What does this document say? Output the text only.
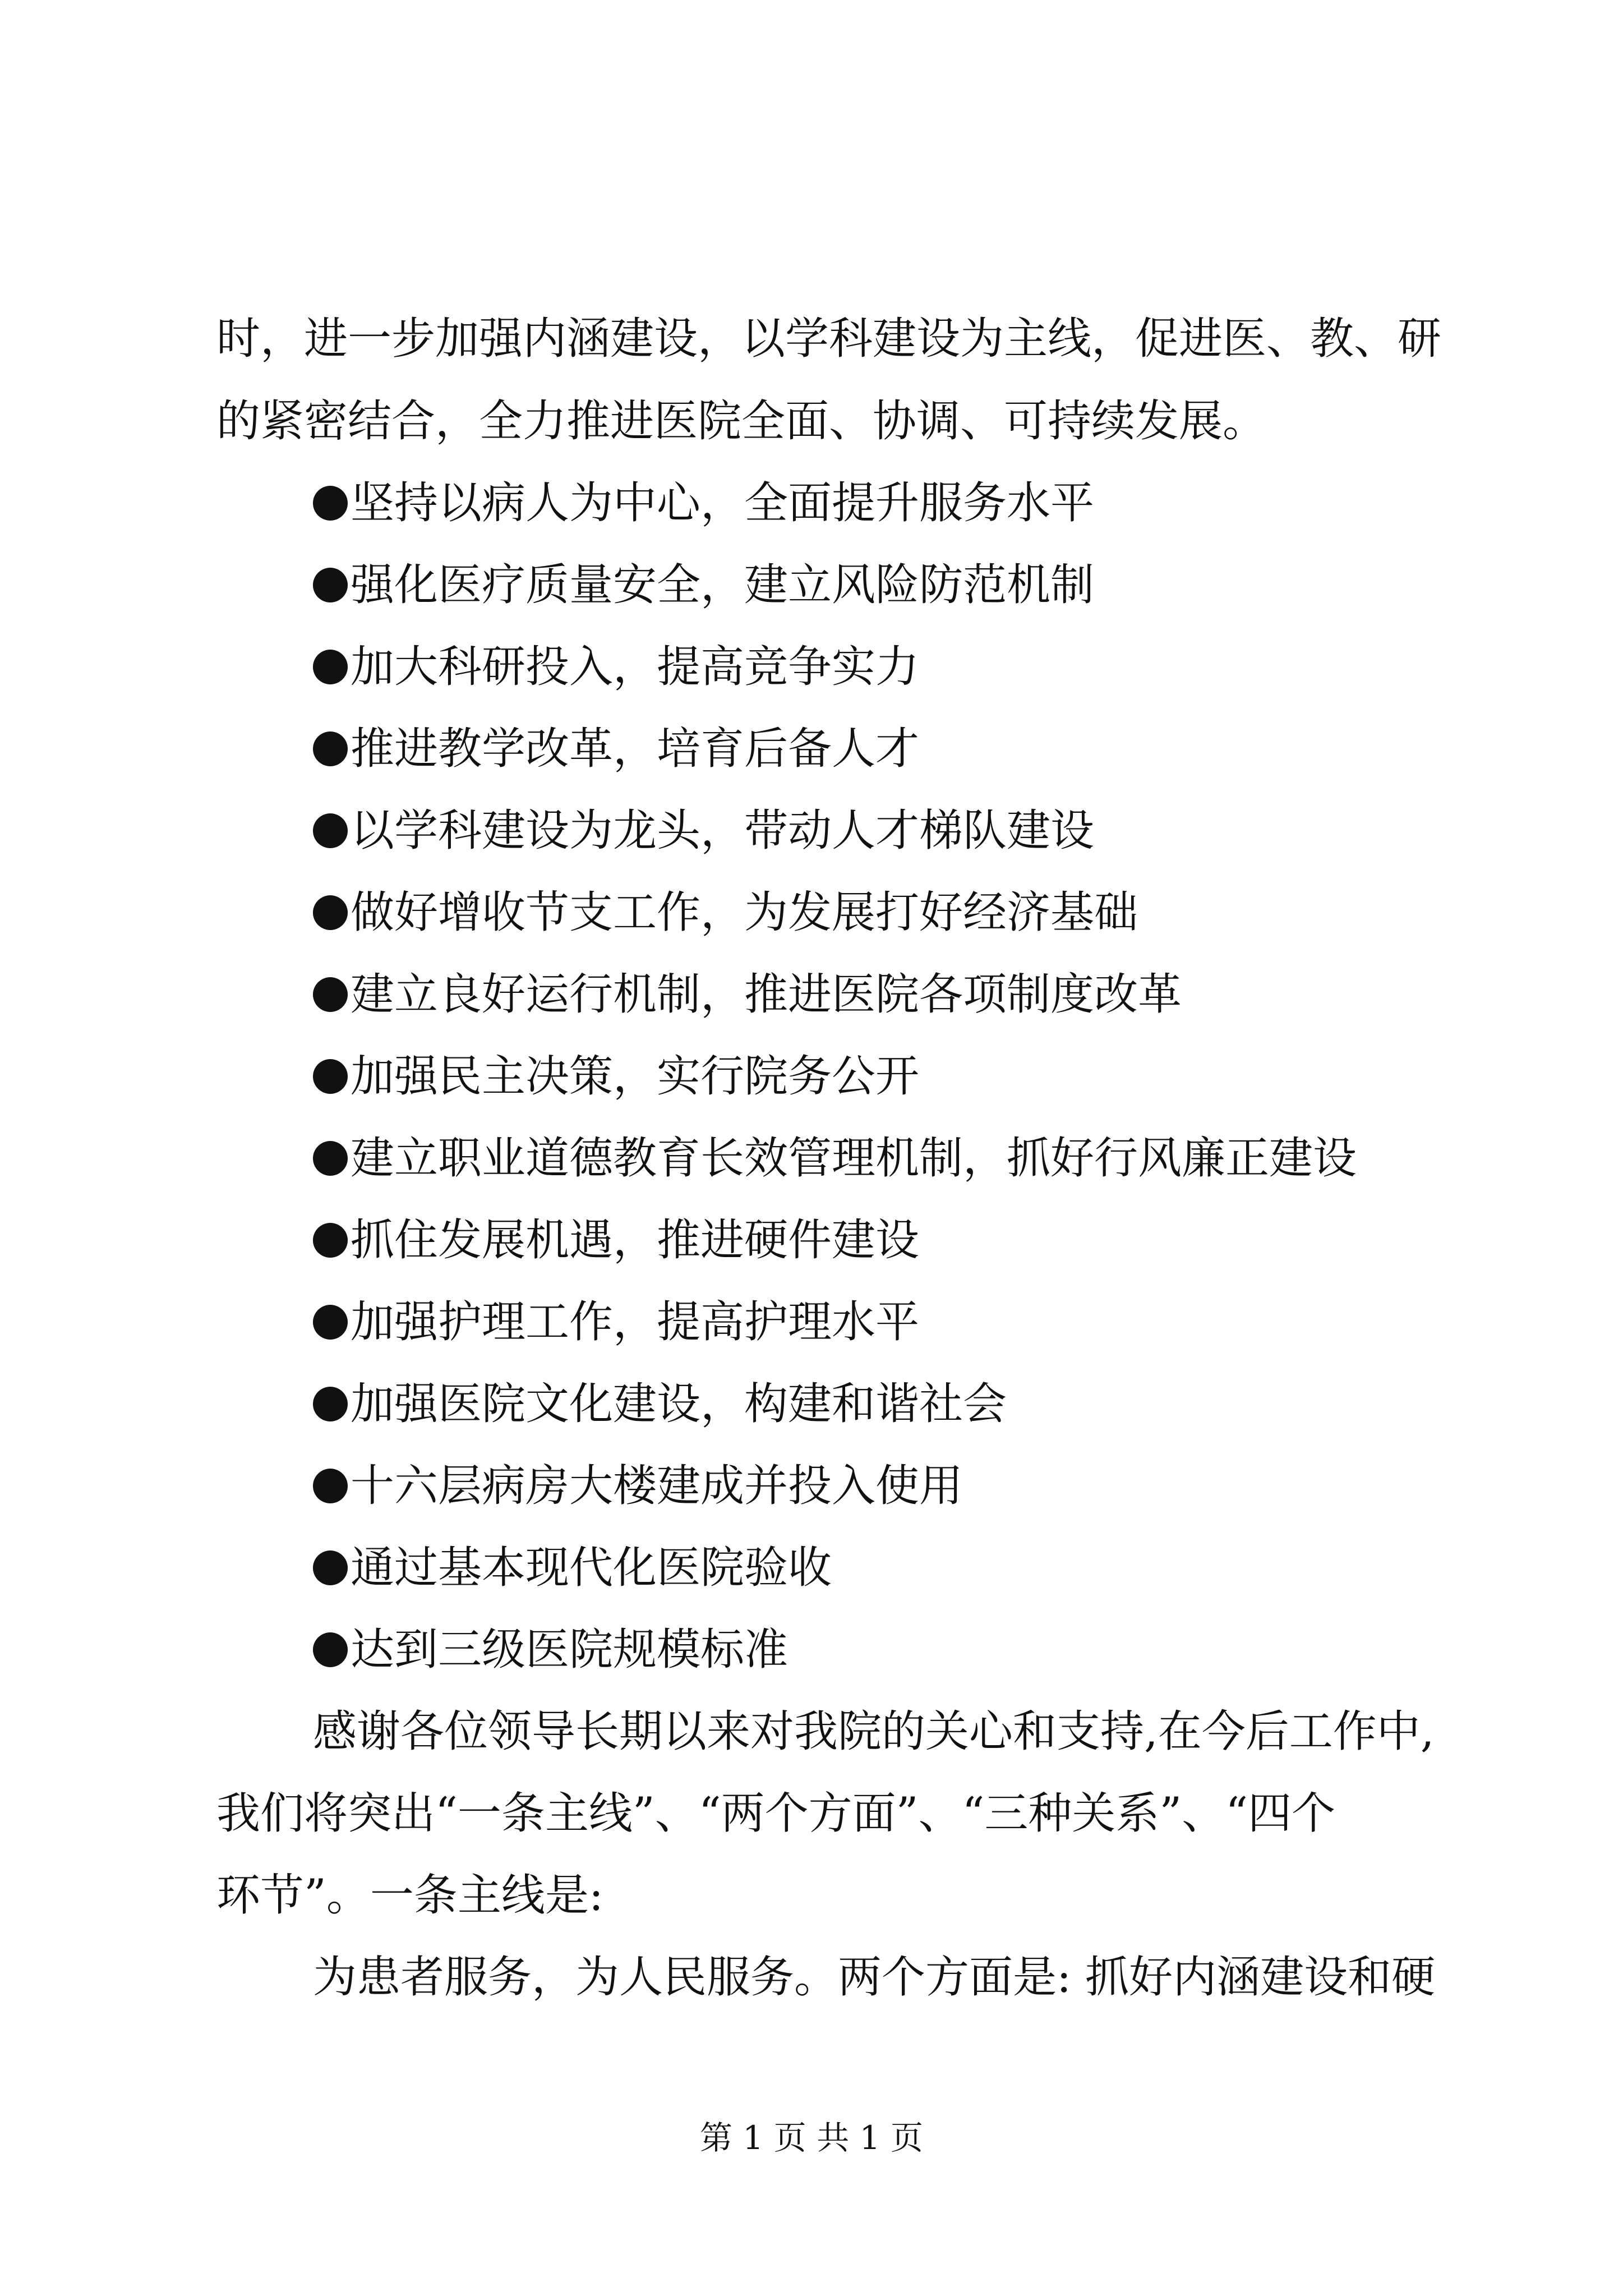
时，进一步加强内涵建设，以学科建设为主线，促进医、教、研
的紧密结合，全力推进医院全面、协调、可持续发展。
坚持以病人为中心，全面提升服务水平
强化医疗质量安全，建立风险防范机制
加大科研投入，提高竞争实力
推进教学改革，培育后备人才
以学科建设为龙头，带动人才梯队建设
做好增收节支工作，为发展打好经济基础
建立良好运行机制，推进医院各项制度改革
加强民主决策，实行院务公开
建立职业道德教育长效管理机制，抓好行风廉正建设
抓住发展机遇，推进硬件建设
加强护理工作，提高护理水平
加强医院文化建设，构建和谐社会
十六层病房大楼建成并投入使用
通过基本现代化医院验收
达到三级医院规模标准
感谢各位领导长期以来对我院的关心和支持,在今后工作中,
我们将突出“一条主线”、“两个方面”、“三种关系”、“四个
环节”。一条主线是:
为患者服务，为人民服务。两个方面是: 抓好内涵建设和硬
第 1 页 共 1 页
